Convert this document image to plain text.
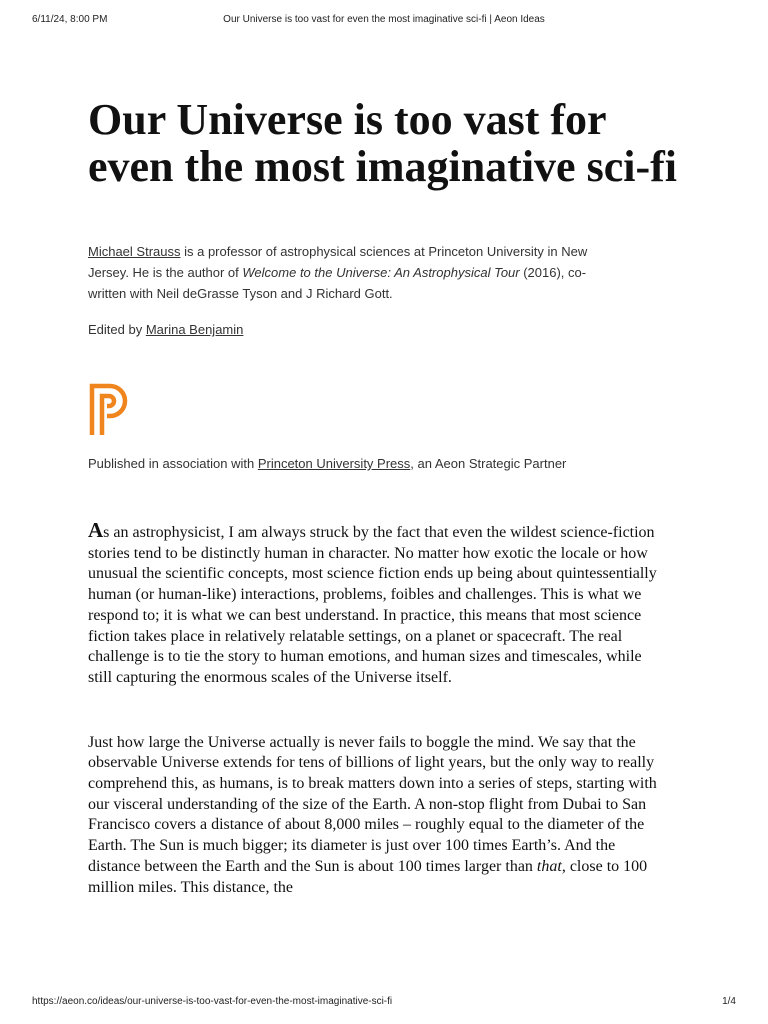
6/11/24, 8:00 PM	Our Universe is too vast for even the most imaginative sci-fi | Aeon Ideas
Our Universe is too vast for even the most imaginative sci-fi
Michael Strauss is a professor of astrophysical sciences at Princeton University in New Jersey. He is the author of Welcome to the Universe: An Astrophysical Tour (2016), co-written with Neil deGrasse Tyson and J Richard Gott.
Edited by Marina Benjamin
Published in association with Princeton University Press, an Aeon Strategic Partner

As an astrophysicist, I am always struck by the fact that even the wildest science-fiction stories tend to be distinctly human in character. No matter how exotic the locale or how unusual the scientific concepts, most science fiction ends up being about quintessentially human (or human-like) interactions, problems, foibles and challenges. This is what we respond to; it is what we can best understand. In practice, this means that most science fiction takes place in relatively relatable settings, on a planet or spacecraft. The real challenge is to tie the story to human emotions, and human sizes and timescales, while still capturing the enormous scales of the Universe itself.

Just how large the Universe actually is never fails to boggle the mind. We say that the observable Universe extends for tens of billions of light years, but the only way to really comprehend this, as humans, is to break matters down into a series of steps, starting with our visceral understanding of the size of the Earth. A non-stop flight from Dubai to San Francisco covers a distance of about 8,000 miles – roughly equal to the diameter of the Earth. The Sun is much bigger; its diameter is just over 100 times Earth’s. And the distance between the Earth and the Sun is about 100 times larger than that, close to 100 million miles. This distance, the

https://aeon.co/ideas/our-universe-is-too-vast-for-even-the-most-imaginative-sci-fi	1/4
